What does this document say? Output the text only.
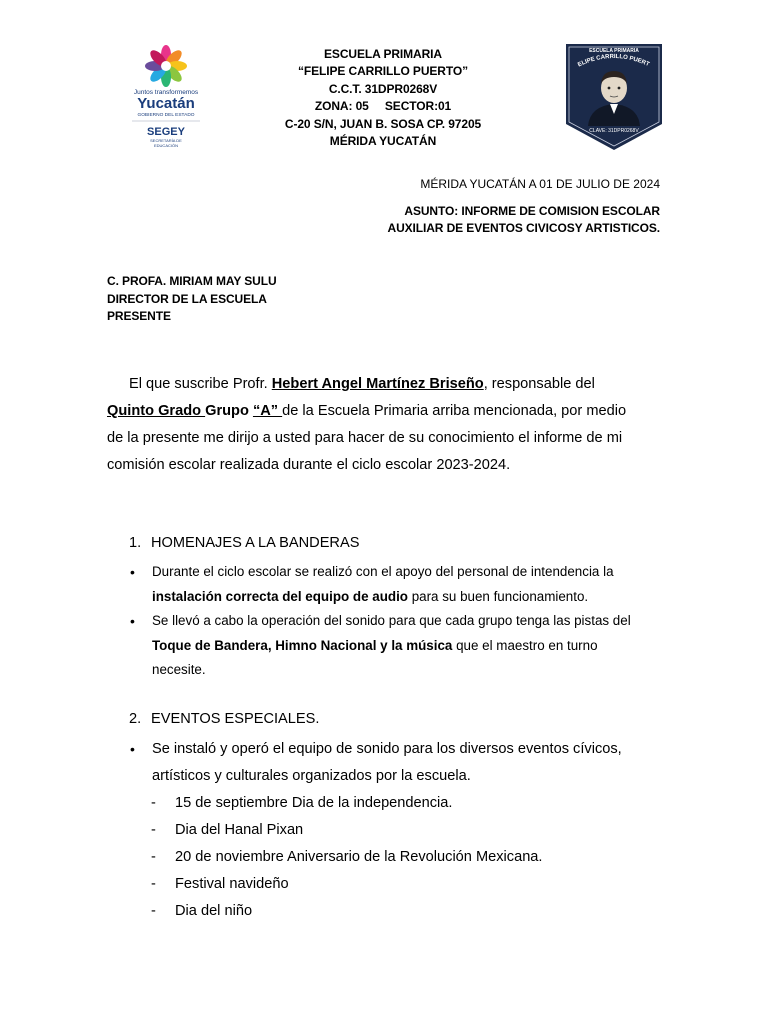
Juntos transformemos
Yucatán
GOBIERNO DEL ESTADO
SEGEY
SECRETARÍA DE
EDUCACIÓN
ESCUELA PRIMARIA
ELIPE CARRILLO PUERT
CLAVE: 31DPR0268V
ESCUELA PRIMARIA
“FELIPE CARRILLO PUERTO”
C.C.T. 31DPR0268V
ZONA: 05     SECTOR:01
C-20 S/N, JUAN B. SOSA CP. 97205
MÉRIDA YUCATÁN
MÉRIDA YUCATÁN A 01 DE JULIO DE 2024
ASUNTO: INFORME DE COMISION ESCOLAR
AUXILIAR DE EVENTOS CIVICOSY ARTISTICOS.
C. PROFA. MIRIAM MAY SULU
DIRECTOR DE LA ESCUELA
PRESENTE

El que suscribe Profr. Hebert Angel Martínez Briseño, responsable del

Quinto Grado Grupo “A” de la Escuela Primaria arriba mencionada, por medio

de la presente me dirijo a usted para hacer de su conocimiento el informe de mi

comisión escolar realizada durante el ciclo escolar 2023-2024.

1. HOMENAJES A LA BANDERAS
• Durante el ciclo escolar se realizó con el apoyo del personal de intendencia la
instalación correcta del equipo de audio para su buen funcionamiento.
• Se llevó a cabo la operación del sonido para que cada grupo tenga las pistas del
Toque de Bandera, Himno Nacional y la música que el maestro en turno
necesite.
2. EVENTOS ESPECIALES.
• Se instaló y operó el equipo de sonido para los diversos eventos cívicos,
artísticos y culturales organizados por la escuela.
- 15 de septiembre Dia de la independencia.
- Dia del Hanal Pixan
- 20 de noviembre Aniversario de la Revolución Mexicana.
- Festival navideño
- Dia del niño
